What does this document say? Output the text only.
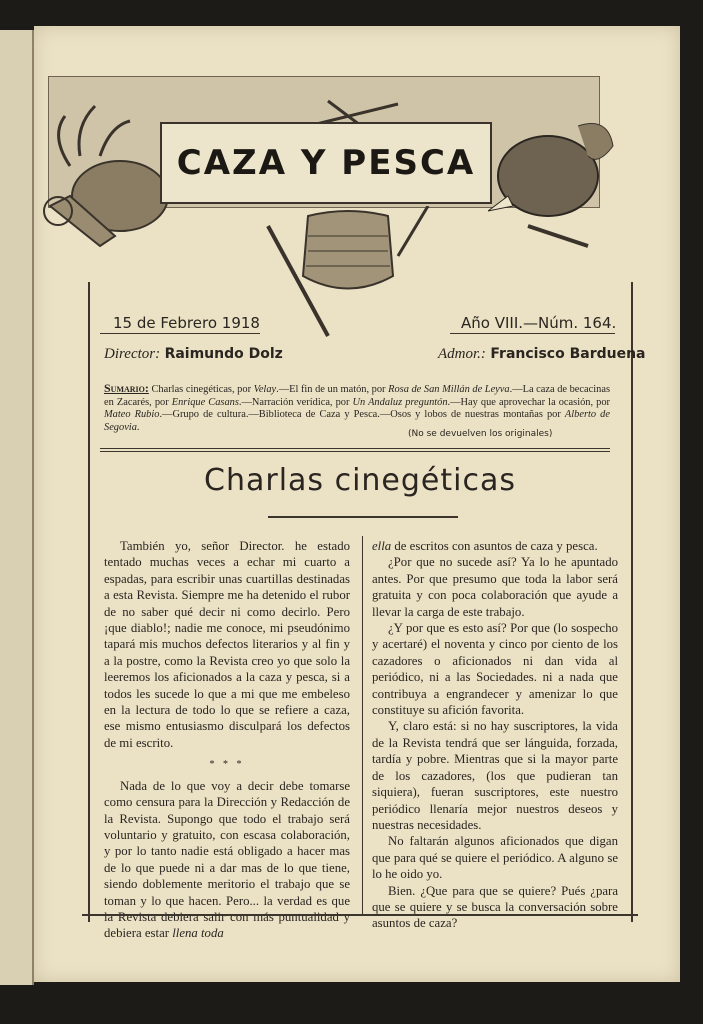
CAZA Y PESCA
15 de Febrero 1918	Año VIII.—Núm. 164.
Director: Raimundo Dolz	Admor.: Francisco Barduena
Sumario: Charlas cinegéticas, por Velay.—El fin de un matón, por Rosa de San Millán de Leyva.—La caza de becacinas en Zacarés, por Enrique Casans.—Narración verídica, por Un Andaluz preguntón.—Hay que aprovechar la ocasión, por Mateo Rubio.—Grupo de cultura.—Biblioteca de Caza y Pesca.—Osos y lobos de nuestras montañas por Alberto de Segovia.
(No se devuelven los originales)
Charlas cinegéticas

También yo, señor Director. he estado tentado muchas veces a echar mi cuarto a espadas, para escribir unas cuartillas destinadas a esta Revista. Siempre me ha detenido el rubor de no saber qué decir ni como decirlo. Pero ¡que diablo!; nadie me conoce, mi pseudónimo tapará mis muchos defectos literarios y al fin y a la postre, como la Revista creo yo que solo la leeremos los aficionados a la caza y pesca, si a todos les sucede lo que a mi que me embeleso en la lectura de todo lo que se refiere a caza, ese mismo entusiasmo disculpará los defectos de mi escrito.

* * *

Nada de lo que voy a decir debe tomarse como censura para la Dirección y Redacción de la Revista. Supongo que todo el trabajo será voluntario y gratuito, con escasa colaboración, y por lo tanto nadie está obligado a hacer mas de lo que puede ni a dar mas de lo que tiene, siendo doblemente meritorio el trabajo que se toman y lo que hacen. Pero... la verdad es que la Revista debiera salir con más puntualidad y debiera estar llena toda

ella de escritos con asuntos de caza y pesca.

¿Por que no sucede así? Ya lo he apuntado antes. Por que presumo que toda la labor será gratuita y con poca colaboración que ayude a llevar la carga de este trabajo.

¿Y por que es esto así? Por que (lo sospecho y acertaré) el noventa y cinco por ciento de los cazadores o aficionados ni dan vida al periódico, ni a las Sociedades. ni a nada que contribuya a engrandecer y amenizar lo que constituye su afición favorita.

Y, claro está: si no hay suscriptores, la vida de la Revista tendrá que ser lánguida, forzada, tardía y pobre. Mientras que si la mayor parte de los cazadores, (los que pudieran tan siquiera), fueran suscriptores, este nuestro periódico llenaría mejor nuestros deseos y nuestras necesidades.

No faltarán algunos aficionados que digan que para qué se quiere el periódico. A alguno se lo he oido yo.

Bien. ¿Que para que se quiere? Pués ¿para que se quiere y se busca la conversación sobre asuntos de caza?
